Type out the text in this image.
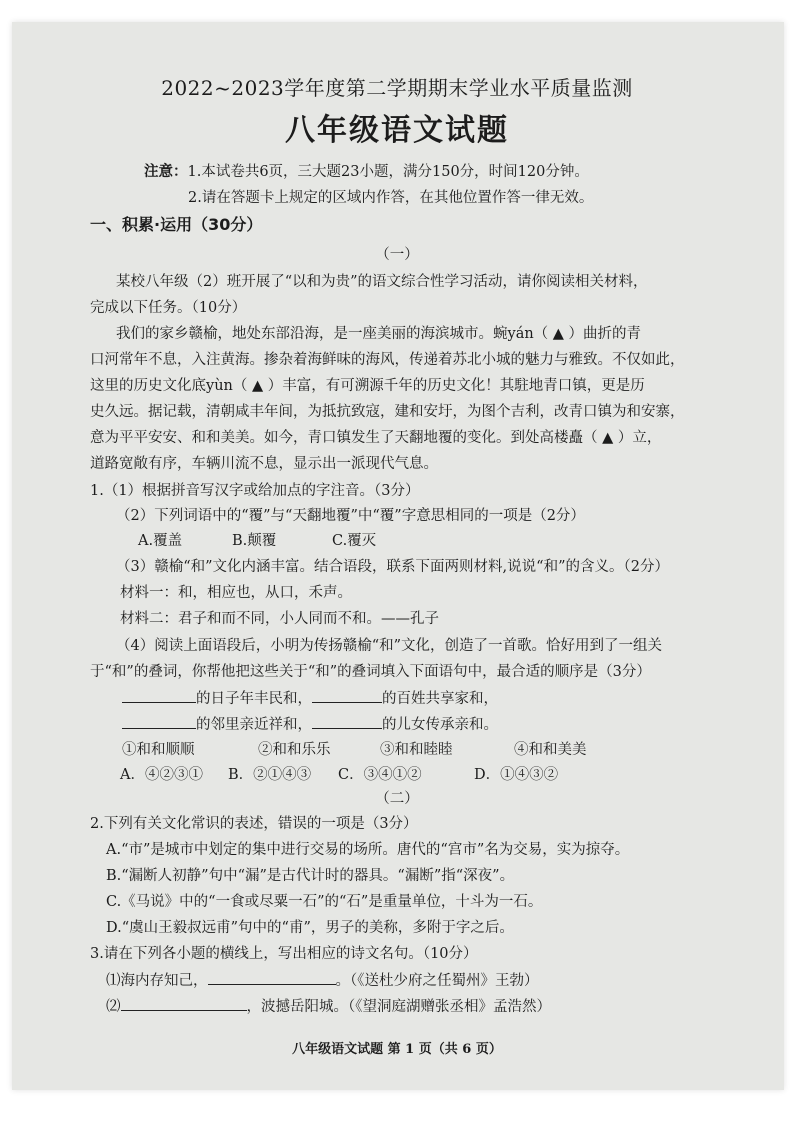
2022~2023学年度第二学期期末学业水平质量监测
八年级语文试题
注意：1.本试卷共6页，三大题23小题，满分150分，时间120分钟。
2.请在答题卡上规定的区域内作答，在其他位置作答一律无效。
一、积累·运用（30分）
（一）
某校八年级（2）班开展了“以和为贵”的语文综合性学习活动，请你阅读相关材料，
完成以下任务。（10分）
我们的家乡赣榆，地处东部沿海，是一座美丽的海滨城市。蜿yán（ ▲ ）曲折的青
口河常年不息，入注黄海。掺杂着海鲜味的海风，传递着苏北小城的魅力与雅致。不仅如此，
这里的历史文化底yùn（ ▲ ）丰富，有可溯源千年的历史文化！其駐地青口镇，更是历
史久远。据记载，清朝咸丰年间，为抵抗致寇，建和安圩，为图个吉利，改青口镇为和安寨，
意为平平安安、和和美美。如今，青口镇发生了天翻地覆的变化。到处高楼矗（ ▲ ）立，
道路宽敞有序，车辆川流不息，显示出一派现代气息。
1.（1）根据拼音写汉字或给加点的字注音。（3分）
（2）下列词语中的“覆”与“天翻地覆”中“覆”字意思相同的一项是（2分）
A.覆盖	B.颠覆	C.覆灭
（3）赣榆“和”文化内涵丰富。结合语段，联系下面两则材料,说说“和”的含义。（2分）
材料一：和，相应也，从口，禾声。
材料二：君子和而不同，小人同而不和。——孔子
（4）阅读上面语段后，小明为传扬赣榆“和”文化，创造了一首歌。恰好用到了一组关
于“和”的叠词，你帮他把这些关于“和”的叠词填入下面语句中，最合适的顺序是（3分）
的日子年丰民和，	的百姓共享家和，
的邻里亲近祥和，	的儿女传承亲和。
①和和顺顺	②和和乐乐	③和和睦睦	④和和美美
A．④②③① B．②①④③ C．③④①②	D．①④③②
（二）
2.下列有关文化常识的表述，错误的一项是（3分）
A.“市”是城市中划定的集中进行交易的场所。唐代的“宫市”名为交易，实为掠夺。
B.“漏断人初静”句中“漏”是古代计时的器具。“漏断”指“深夜”。
C.《马说》中的“一食或尽粟一石”的“石”是重量单位，十斗为一石。
D.“虞山王毅叔远甫”句中的“甫”，男子的美称，多附于字之后。
3.请在下列各小题的横线上，写出相应的诗文名句。（10分）
⑴海内存知己，	。（《送杜少府之任蜀州》王勃）
⑵	，波撼岳阳城。（《望洞庭湖赠张丞相》孟浩然）
八年级语文试题 第 1 页（共 6 页）
